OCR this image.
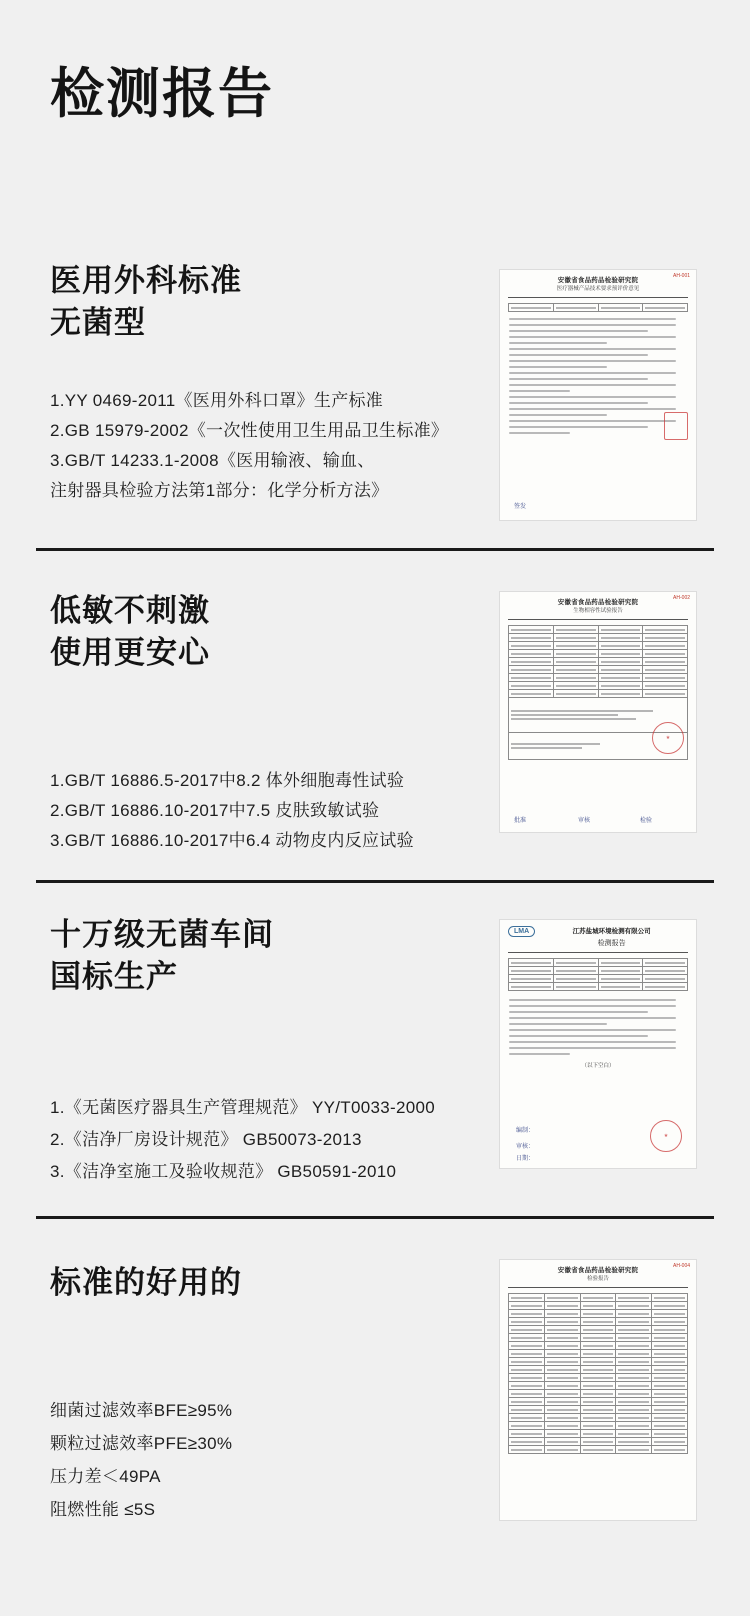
检测报告
医用外科标准
无菌型
1.YY 0469-2011《医用外科口罩》生产标准
2.GB 15979-2002《一次性使用卫生用品卫生标准》
3.GB/T 14233.1-2008《医用输液、输血、
注射器具检验方法第1部分：化学分析方法》
AH-001
安徽省食品药品检验研究院
医疗器械产品技术要求预评价意见

签发
低敏不刺激
使用更安心
1.GB/T 16886.5-2017中8.2 体外细胞毒性试验
2.GB/T 16886.10-2017中7.5 皮肤致敏试验
3.GB/T 16886.10-2017中6.4 动物皮内反应试验
AH-002
安徽省食品药品检验研究院
生物相容性试验报告

★
批准	审核	检验
十万级无菌车间
国标生产
1.《无菌医疗器具生产管理规范》 YY/T0033-2000
2.《洁净厂房设计规范》 GB50073-2013
3.《洁净室施工及验收规范》 GB50591-2010
LMA	江苏盐城环境检测有限公司
检测报告

（以下空白）
编制：
审核：
日期：
★
标准的好用的
细菌过滤效率BFE≥95%
颗粒过滤效率PFE≥30%
压力差＜49PA
阻燃性能 ≤5S
AH-004
安徽省食品药品检验研究院
检验报告
